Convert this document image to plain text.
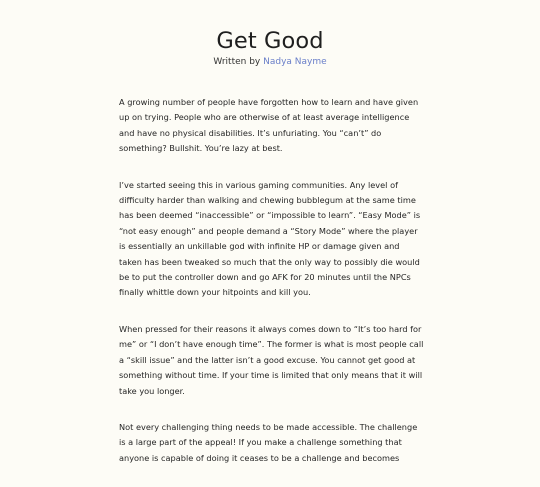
Get Good
Written by Nadya Nayme

A growing number of people have forgotten how to learn and have given up on trying. People who are otherwise of at least average intelligence and have no physical disabilities. It’s unfuriating. You “can’t” do something? Bullshit. You’re lazy at best.

I’ve started seeing this in various gaming communities. Any level of difficulty harder than walking and chewing bubblegum at the same time has been deemed “inaccessible” or “impossible to learn”. “Easy Mode” is “not easy enough” and people demand a “Story Mode” where the player is essentially an unkillable god with infinite HP or damage given and taken has been tweaked so much that the only way to possibly die would be to put the controller down and go AFK for 20 minutes until the NPCs finally whittle down your hitpoints and kill you.

When pressed for their reasons it always comes down to “It’s too hard for me” or “I don’t have enough time”. The former is what is most people call a “skill issue” and the latter isn’t a good excuse. You cannot get good at something without time. If your time is limited that only means that it will take you longer.

Not every challenging thing needs to be made accessible. The challenge is a large part of the appeal! If you make a challenge something that anyone is capable of doing it ceases to be a challenge and becomes
